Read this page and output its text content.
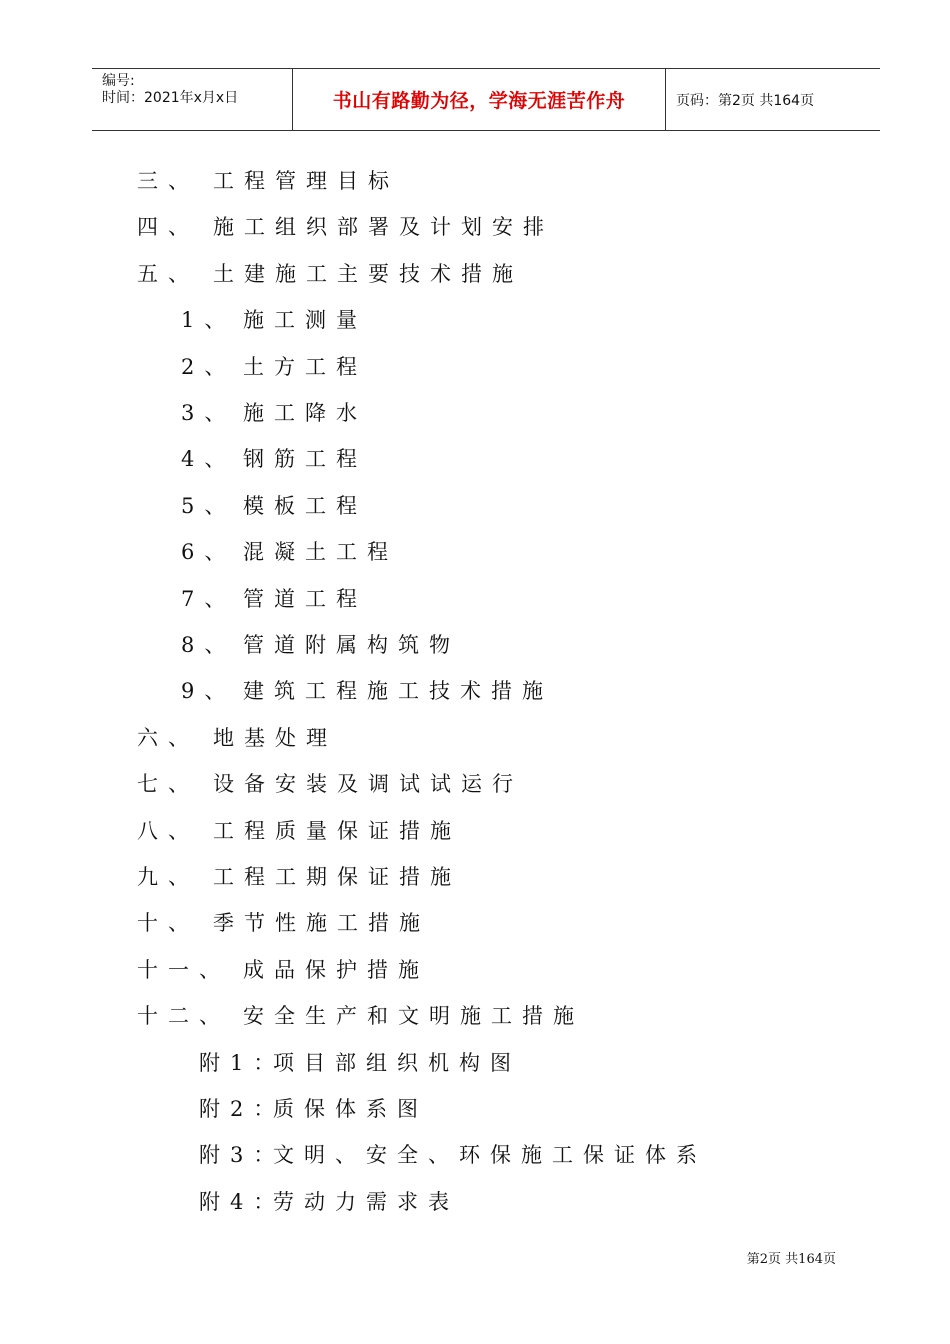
编号:
时间：2021年x月x日	书山有路勤为径，学海无涯苦作舟	页码：第2页 共164页
三、 工程管理目标
四、 施工组织部署及计划安排
五、 土建施工主要技术措施
1、 施工测量
2、 土方工程
3、 施工降水
4、 钢筋工程
5、 模板工程
6、 混凝土工程
7、 管道工程
8、 管道附属构筑物
9、 建筑工程施工技术措施
六、 地基处理
七、 设备安装及调试试运行
八、 工程质量保证措施
九、 工程工期保证措施
十、 季节性施工措施
十一、 成品保护措施
十二、 安全生产和文明施工措施
附1：项目部组织机构图
附2：质保体系图
附3：文明、安全、环保施工保证体系
附4：劳动力需求表
第2页 共164页
